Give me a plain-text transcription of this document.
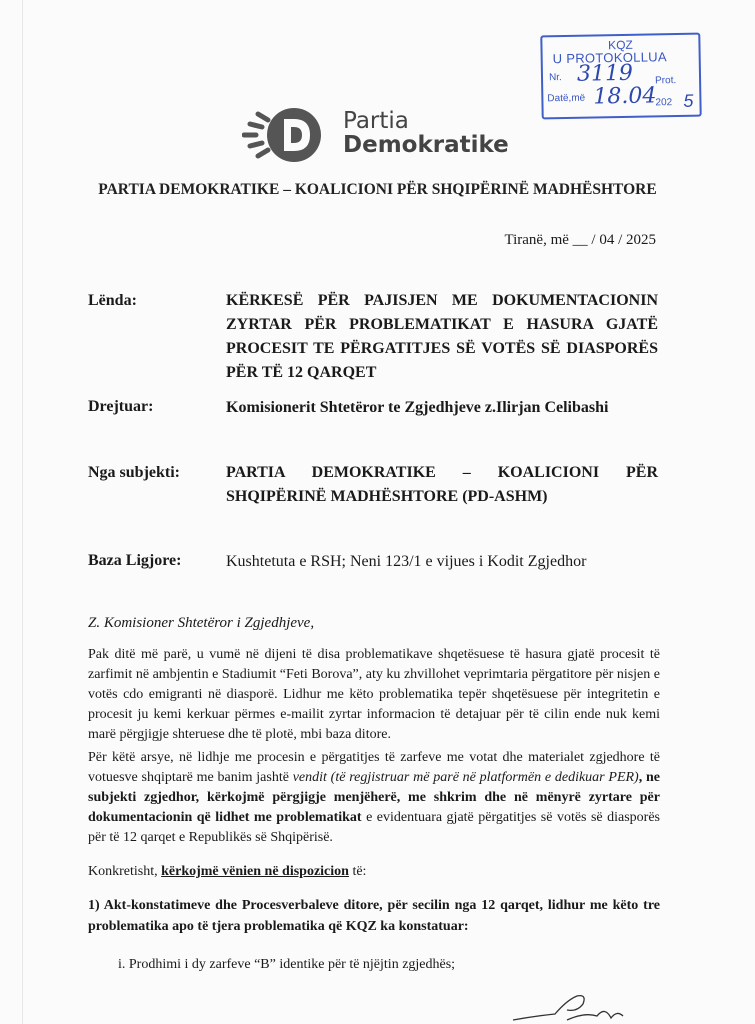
KQZ
U PROTOKOLLUA
Nr. 3119 Prot.
Datë,më 18.04
202 5
Partia
Demokratike
PARTIA DEMOKRATIKE – KOALICIONI PËR SHQIPËRINË MADHËSHTORE
Tiranë, më __ / 04 / 2025
Lënda:	KËRKESË PËR PAJISJEN ME DOKUMENTACIONIN ZYRTAR PËR PROBLEMATIKAT E HASURA GJATË PROCESIT TE PËRGATITJES SË VOTËS SË DIASPORËS PËR TË 12 QARQET
Drejtuar:	Komisionerit Shtetëror te Zgjedhjeve z.Ilirjan Celibashi
Nga subjekti:	PARTIA DEMOKRATIKE – KOALICIONI PËR SHQIPËRINË MADHËSHTORE (PD-ASHM)
Baza Ligjore:	Kushtetuta e RSH; Neni 123/1 e vijues i Kodit Zgjedhor
Z. Komisioner Shtetëror i Zgjedhjeve,
Pak ditë më parë, u vumë në dijeni të disa problematikave shqetësuese të hasura gjatë procesit të zarfimit në ambjentin e Stadiumit “Feti Borova”, aty ku zhvillohet veprimtaria përgatitore për nisjen e votës cdo emigranti në diasporë. Lidhur me këto problematika tepër shqetësuese për integritetin e procesit ju kemi kerkuar përmes e-mailit zyrtar informacion të detajuar për të cilin ende nuk kemi marë përgjigje shteruese dhe të plotë, mbi baza ditore.
Për këtë arsye, në lidhje me procesin e përgatitjes të zarfeve me votat dhe materialet zgjedhore të votuesve shqiptarë me banim jashtë vendit (të regjistruar më parë në platformën e dedikuar PER), ne subjekti zgjedhor, kërkojmë përgjigje menjëherë, me shkrim dhe në mënyrë zyrtare për dokumentacionin që lidhet me problematikat e evidentuara gjatë përgatitjes së votës së diasporës për të 12 qarqet e Republikës së Shqipërisë.
Konkretisht, kërkojmë vënien në dispozicion të:
1) Akt-konstatimeve dhe Procesverbaleve ditore, për secilin nga 12 qarqet, lidhur me këto tre problematika apo të tjera problematika që KQZ ka konstatuar:
i. Prodhimi i dy zarfeve “B” identike për të njëjtin zgjedhës;
